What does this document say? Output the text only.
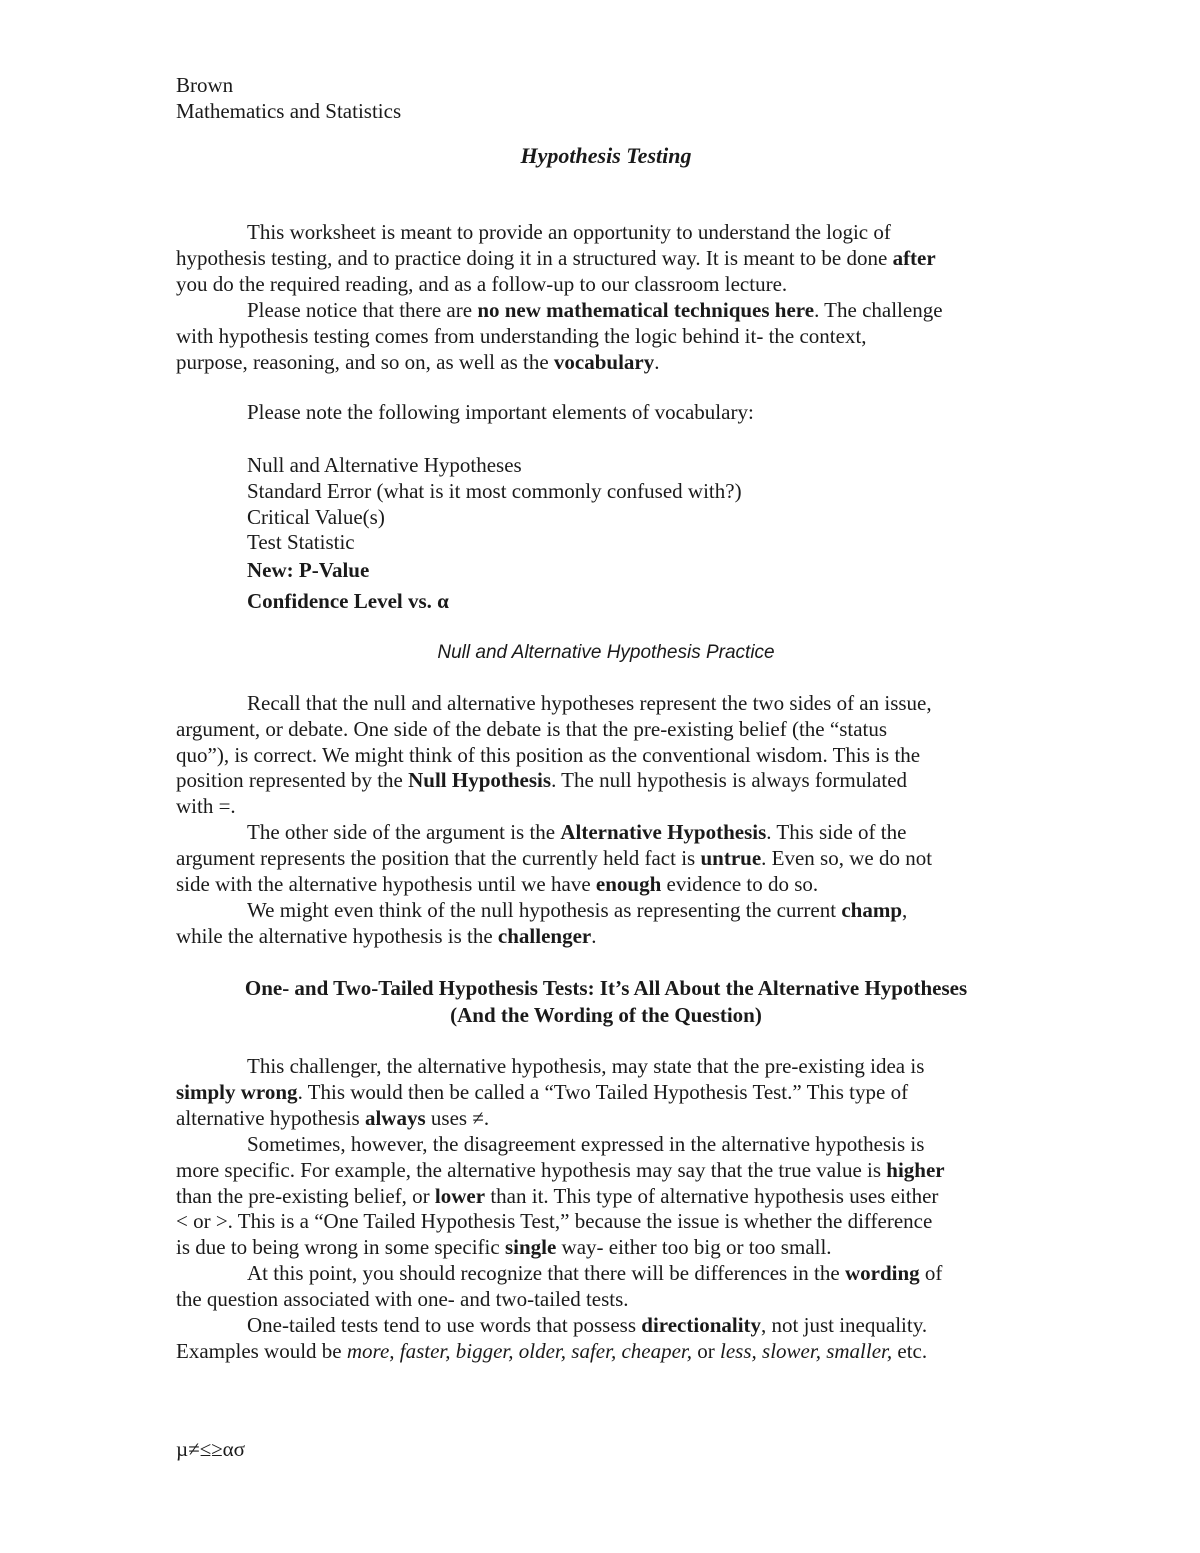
Brown
Mathematics and Statistics
Hypothesis Testing
This worksheet is meant to provide an opportunity to understand the logic of
hypothesis testing, and to practice doing it in a structured way. It is meant to be done after
you do the required reading, and as a follow-up to our classroom lecture.
Please notice that there are no new mathematical techniques here. The challenge
with hypothesis testing comes from understanding the logic behind it- the context,
purpose, reasoning, and so on, as well as the vocabulary.
Please note the following important elements of vocabulary:
Null and Alternative Hypotheses
Standard Error (what is it most commonly confused with?)
Critical Value(s)
Test Statistic
New: P-Value
Confidence Level vs. α
Null and Alternative Hypothesis Practice
Recall that the null and alternative hypotheses represent the two sides of an issue,
argument, or debate. One side of the debate is that the pre-existing belief (the “status
quo”), is correct. We might think of this position as the conventional wisdom. This is the
position represented by the Null Hypothesis. The null hypothesis is always formulated
with =.
The other side of the argument is the Alternative Hypothesis. This side of the
argument represents the position that the currently held fact is untrue. Even so, we do not
side with the alternative hypothesis until we have enough evidence to do so.
We might even think of the null hypothesis as representing the current champ,
while the alternative hypothesis is the challenger.
One- and Two-Tailed Hypothesis Tests: It’s All About the Alternative Hypotheses
(And the Wording of the Question)
This challenger, the alternative hypothesis, may state that the pre-existing idea is
simply wrong. This would then be called a “Two Tailed Hypothesis Test.” This type of
alternative hypothesis always uses ≠.
Sometimes, however, the disagreement expressed in the alternative hypothesis is
more specific. For example, the alternative hypothesis may say that the true value is higher
than the pre-existing belief, or lower than it. This type of alternative hypothesis uses either
< or >. This is a “One Tailed Hypothesis Test,” because the issue is whether the difference
is due to being wrong in some specific single way- either too big or too small.
At this point, you should recognize that there will be differences in the wording of
the question associated with one- and two-tailed tests.
One-tailed tests tend to use words that possess directionality, not just inequality.
Examples would be more, faster, bigger, older, safer, cheaper, or less, slower, smaller, etc.
µ≠≤≥ασ
